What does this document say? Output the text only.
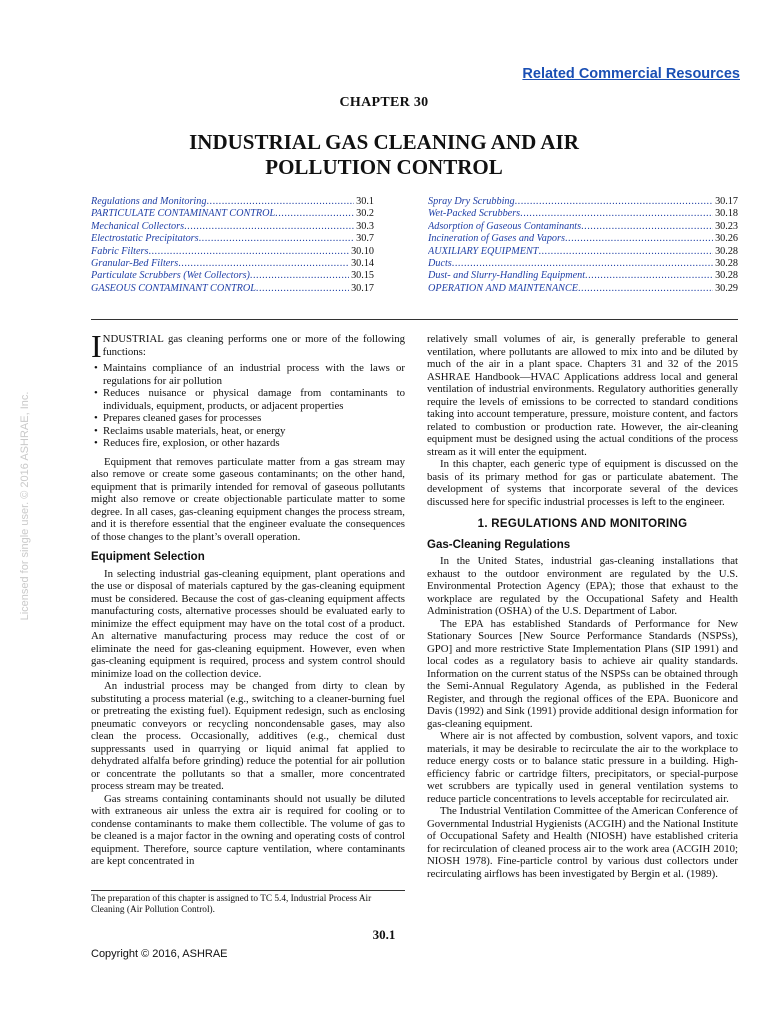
Related Commercial Resources
CHAPTER 30
INDUSTRIAL GAS CLEANING AND AIR
POLLUTION CONTROL
Regulations and Monitoring .....	30.1
PARTICULATE CONTAMINANT CONTROL .....	30.2
Mechanical Collectors .....	30.3
Electrostatic Precipitators .....	30.7
Fabric Filters .....	30.10
Granular-Bed Filters .....	30.14
Particulate Scrubbers (Wet Collectors) .....	30.15
GASEOUS CONTAMINANT CONTROL .....	30.17
Spray Dry Scrubbing .....	30.17
Wet-Packed Scrubbers .....	30.18
Adsorption of Gaseous Contaminants .....	30.23
Incineration of Gases and Vapors .....	30.26
AUXILIARY EQUIPMENT .....	30.28
Ducts .....	30.28
Dust- and Slurry-Handling Equipment .....	30.28
OPERATION AND MAINTENANCE .....	30.29
Licensed for single user. © 2016 ASHRAE, Inc.

INDUSTRIAL gas cleaning performs one or more of the following functions:

• Maintains compliance of an industrial process with the laws or regulations for air pollution
• Reduces nuisance or physical damage from contaminants to individuals, equipment, products, or adjacent properties
• Prepares cleaned gases for processes
• Reclaims usable materials, heat, or energy
• Reduces fire, explosion, or other hazards

Equipment that removes particulate matter from a gas stream may also remove or create some gaseous contaminants; on the other hand, equipment that is primarily intended for removal of gaseous pollutants might also remove or create objectionable particulate matter to some degree. In all cases, gas-cleaning equipment changes the process stream, and it is therefore essential that the engineer evaluate the consequences of those changes to the plant’s overall operation.

Equipment Selection

In selecting industrial gas-cleaning equipment, plant operations and the use or disposal of materials captured by the gas-cleaning equipment must be considered. Because the cost of gas-cleaning equipment affects manufacturing costs, alternative processes should be evaluated early to minimize the effect equipment may have on the total cost of a product. An alternative manufacturing process may reduce the cost of or eliminate the need for gas-cleaning equipment. However, even when gas-cleaning equipment is required, process and system control should minimize load on the collection device.

An industrial process may be changed from dirty to clean by substituting a process material (e.g., switching to a cleaner-burning fuel or pretreating the existing fuel). Equipment redesign, such as enclosing pneumatic conveyors or recycling noncondensable gases, may also clean the process. Occasionally, additives (e.g., chemical dust suppressants used in quarrying or liquid animal fat applied to dehydrated alfalfa before grinding) reduce the potential for air pollution or concentrate the pollutants so that a smaller, more concentrated process stream may be treated.

Gas streams containing contaminants should not usually be diluted with extraneous air unless the extra air is required for cooling or to condense contaminants to make them collectible. The volume of gas to be cleaned is a major factor in the owning and operating costs of control equipment. Therefore, source capture ventilation, where contaminants are kept concentrated in

The preparation of this chapter is assigned to TC 5.4, Industrial Process Air Cleaning (Air Pollution Control).

relatively small volumes of air, is generally preferable to general ventilation, where pollutants are allowed to mix into and be diluted by much of the air in a plant space. Chapters 31 and 32 of the 2015 ASHRAE Handbook—HVAC Applications address local and general ventilation of industrial environments. Regulatory authorities generally require the levels of emissions to be corrected to standard conditions taking into account temperature, pressure, moisture content, and factors related to combustion or production rate. However, the air-cleaning equipment must be designed using the actual conditions of the process stream as it will enter the equipment.

In this chapter, each generic type of equipment is discussed on the basis of its primary method for gas or particulate abatement. The development of systems that incorporate several of the devices discussed here for specific industrial processes is left to the engineer.

1. REGULATIONS AND MONITORING
Gas-Cleaning Regulations

In the United States, industrial gas-cleaning installations that exhaust to the outdoor environment are regulated by the U.S. Environmental Protection Agency (EPA); those that exhaust to the workplace are regulated by the Occupational Safety and Health Administration (OSHA) of the U.S. Department of Labor.

The EPA has established Standards of Performance for New Stationary Sources [New Source Performance Standards (NSPSs), GPO] and more restrictive State Implementation Plans (SIP 1991) and local codes as a regulatory basis to achieve air quality standards. Information on the current status of the NSPSs can be obtained through the Semi-Annual Regulatory Agenda, as published in the Federal Register, and through the regional offices of the EPA. Buonicore and Davis (1992) and Sink (1991) provide additional design information for gas-cleaning equipment.

Where air is not affected by combustion, solvent vapors, and toxic materials, it may be desirable to recirculate the air to the workplace to reduce energy costs or to balance static pressure in a building. High-efficiency fabric or cartridge filters, precipitators, or special-purpose wet scrubbers are typically used in general ventilation systems to reduce particle concentrations to levels acceptable for recirculated air.

The Industrial Ventilation Committee of the American Conference of Governmental Industrial Hygienists (ACGIH) and the National Institute of Occupational Safety and Health (NIOSH) have established criteria for recirculation of cleaned process air to the work area (ACGIH 2010; NIOSH 1978). Fine-particle control by various dust collectors under recirculating airflows has been investigated by Bergin et al. (1989).

30.1
Copyright © 2016, ASHRAE
